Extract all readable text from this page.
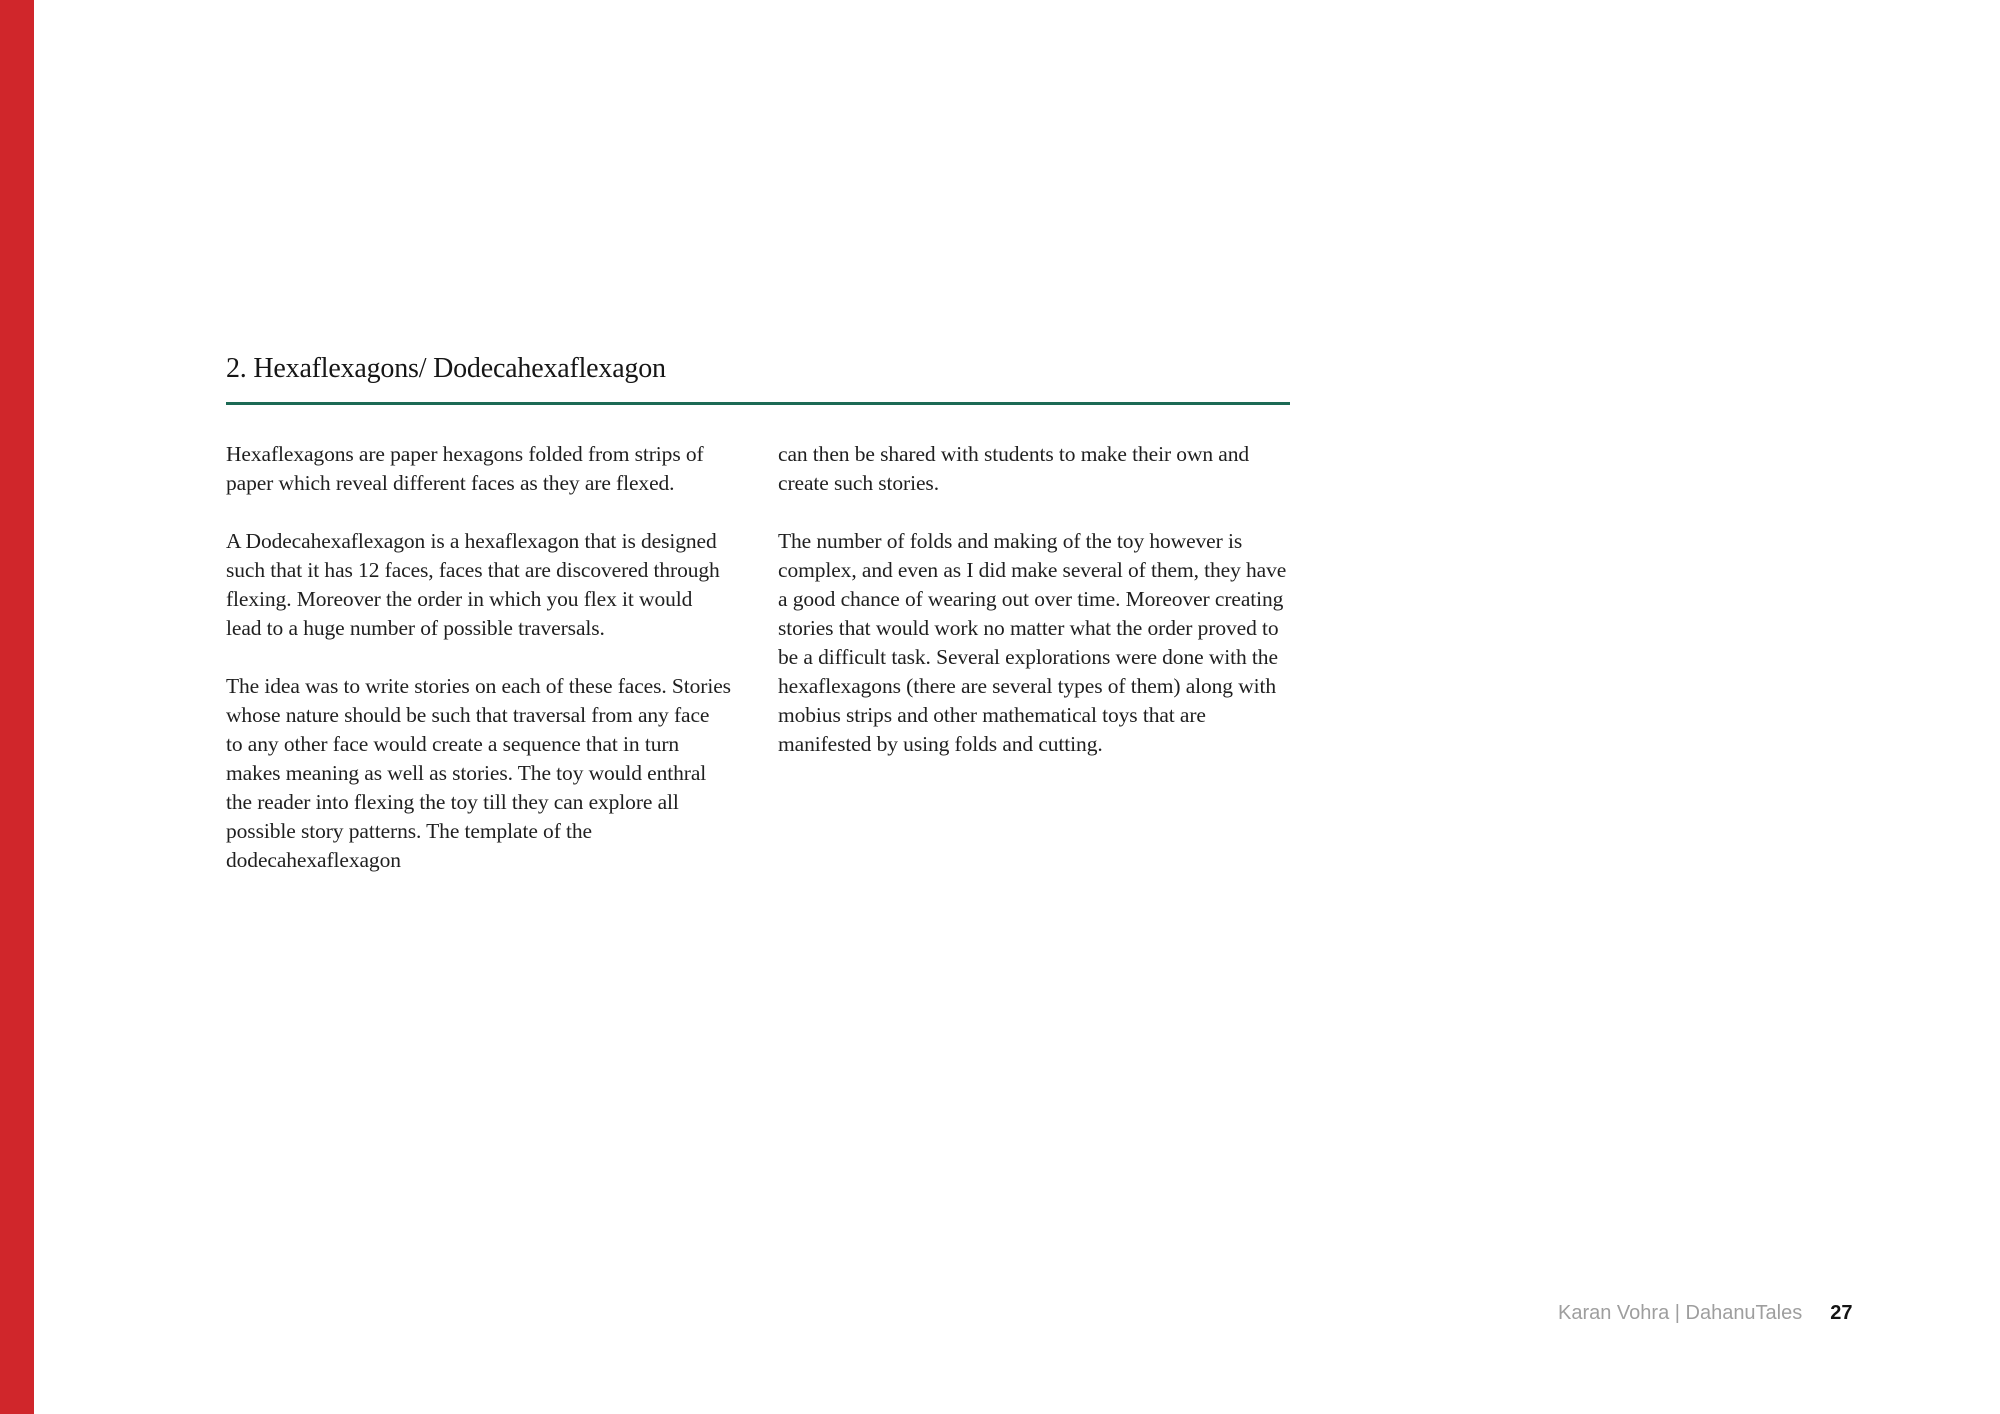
2. Hexaflexagons/ Dodecahexaflexagon

Hexaflexagons are paper hexagons folded from strips of paper which reveal different faces as they are flexed.

A Dodecahexaflexagon is a hexaflexagon that is designed such that it has 12 faces, faces that are discovered through flexing. Moreover the order in which you flex it would lead to a huge number of possible traversals.

The idea was to write stories on each of these faces. Stories whose nature should be such that traversal from any face to any other face would create a sequence that in turn makes meaning as well as stories. The toy would enthral the reader into flexing the toy till they can explore all possible story patterns. The template of the dodecahexaflexagon

can then be shared with students to make their own and create such stories.

The number of folds and making of the toy however is complex, and even as I did make several of them, they have a good chance of wearing out over time. Moreover creating stories that would work no matter what the order proved to be a difficult task. Several explorations were done with the hexaflexagons (there are several types of them) along with mobius strips and other mathematical toys that are manifested by using folds and cutting.

Karan Vohra | DahanuTales 27
